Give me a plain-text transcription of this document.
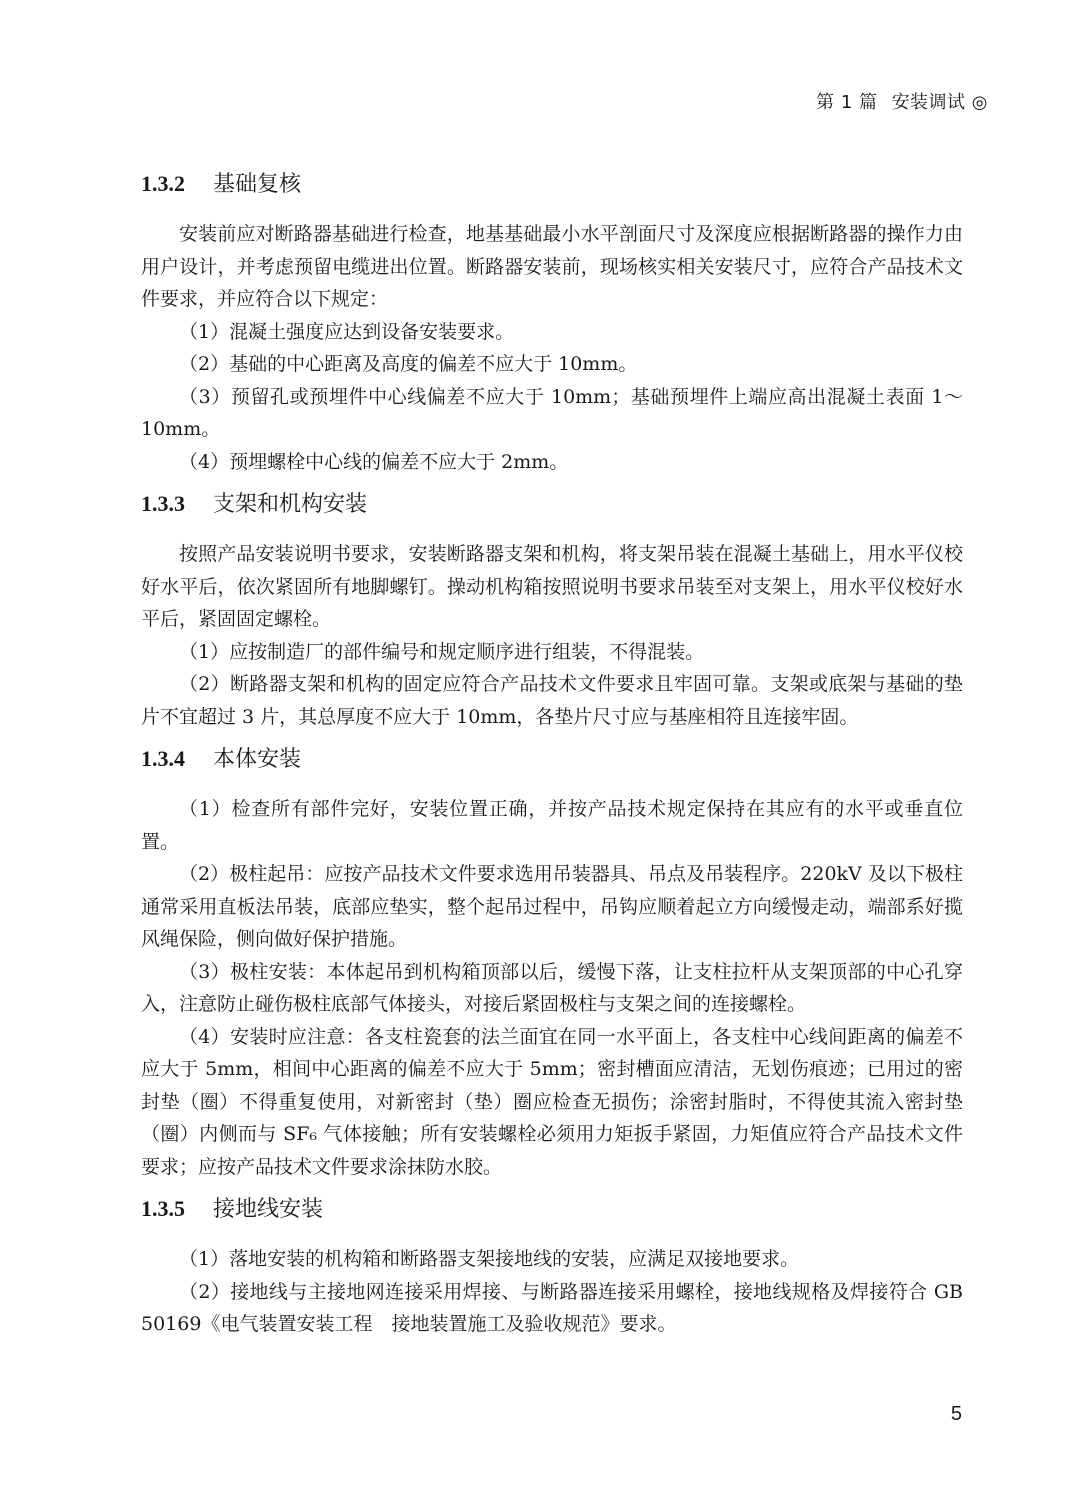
第 1 篇 安装调试 ◎
1.3.2 基础复核

安装前应对断路器基础进行检查，地基基础最小水平剖面尺寸及深度应根据断路器的操作力由用户设计，并考虑预留电缆进出位置。断路器安装前，现场核实相关安装尺寸，应符合产品技术文件要求，并应符合以下规定：

（1）混凝土强度应达到设备安装要求。

（2）基础的中心距离及高度的偏差不应大于 10mm。

（3）预留孔或预埋件中心线偏差不应大于 10mm；基础预埋件上端应高出混凝土表面 1～10mm。

（4）预埋螺栓中心线的偏差不应大于 2mm。

1.3.3 支架和机构安装

按照产品安装说明书要求，安装断路器支架和机构，将支架吊装在混凝土基础上，用水平仪校好水平后，依次紧固所有地脚螺钉。操动机构箱按照说明书要求吊装至对支架上，用水平仪校好水平后，紧固固定螺栓。

（1）应按制造厂的部件编号和规定顺序进行组装，不得混装。

（2）断路器支架和机构的固定应符合产品技术文件要求且牢固可靠。支架或底架与基础的垫片不宜超过 3 片，其总厚度不应大于 10mm，各垫片尺寸应与基座相符且连接牢固。

1.3.4 本体安装

（1）检查所有部件完好，安装位置正确，并按产品技术规定保持在其应有的水平或垂直位置。

（2）极柱起吊：应按产品技术文件要求选用吊装器具、吊点及吊装程序。220kV 及以下极柱通常采用直板法吊装，底部应垫实，整个起吊过程中，吊钩应顺着起立方向缓慢走动，端部系好揽风绳保险，侧向做好保护措施。

（3）极柱安装：本体起吊到机构箱顶部以后，缓慢下落，让支柱拉杆从支架顶部的中心孔穿入，注意防止碰伤极柱底部气体接头，对接后紧固极柱与支架之间的连接螺栓。

（4）安装时应注意：各支柱瓷套的法兰面宜在同一水平面上，各支柱中心线间距离的偏差不应大于 5mm，相间中心距离的偏差不应大于 5mm；密封槽面应清洁，无划伤痕迹；已用过的密封垫（圈）不得重复使用，对新密封（垫）圈应检查无损伤；涂密封脂时，不得使其流入密封垫（圈）内侧而与 SF₆ 气体接触；所有安装螺栓必须用力矩扳手紧固，力矩值应符合产品技术文件要求；应按产品技术文件要求涂抹防水胶。

1.3.5 接地线安装

（1）落地安装的机构箱和断路器支架接地线的安装，应满足双接地要求。

（2）接地线与主接地网连接采用焊接、与断路器连接采用螺栓，接地线规格及焊接符合 GB 50169《电气装置安装工程　接地装置施工及验收规范》要求。

5
